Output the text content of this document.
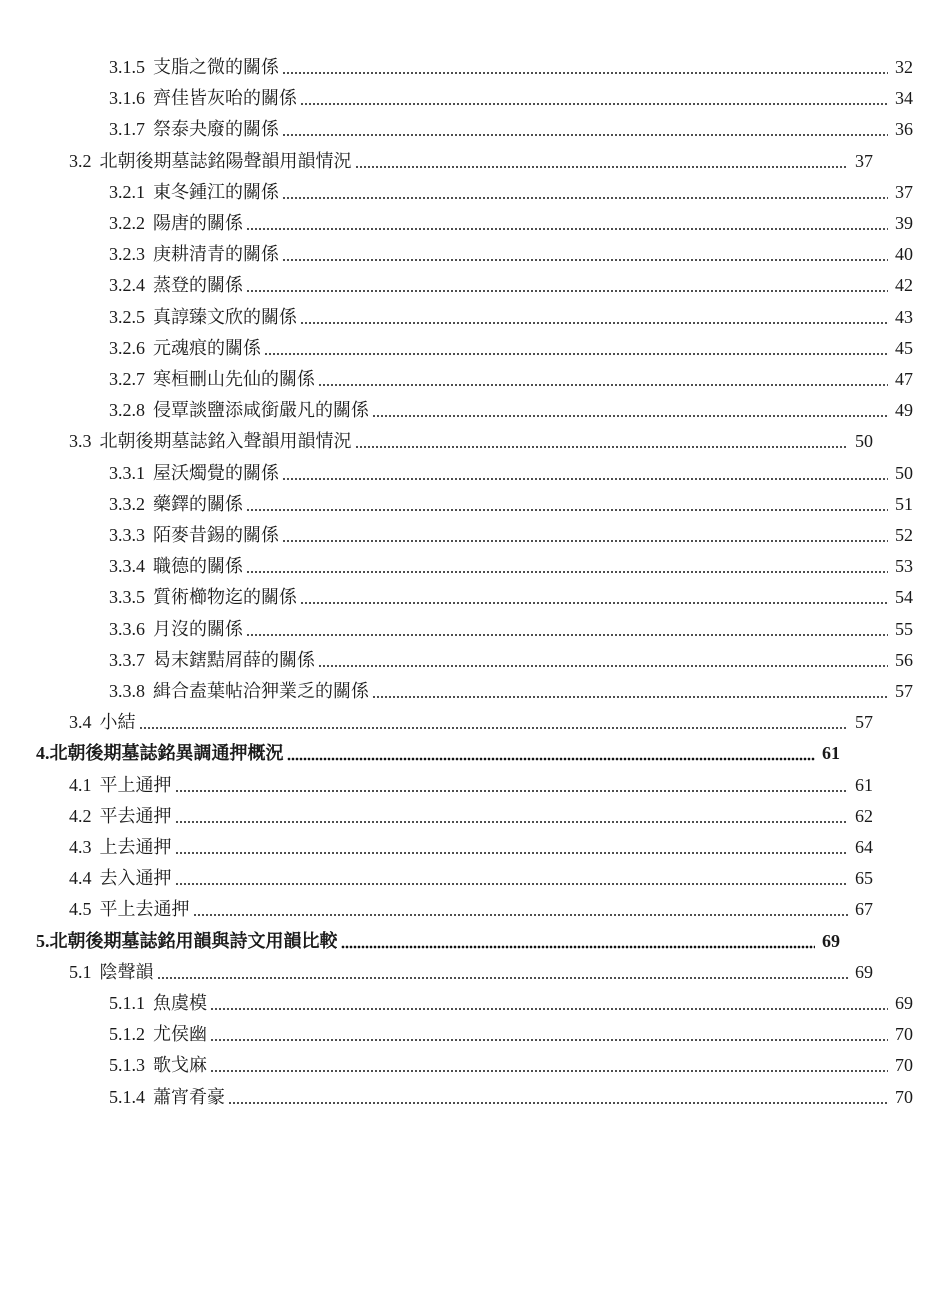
3.1.5 支脂之微的關係	32
3.1.6 齊佳皆灰咍的關係	34
3.1.7 祭泰夬廢的關係	36
3.2 北朝後期墓誌銘陽聲韻用韻情況	37
3.2.1 東冬鍾江的關係	37
3.2.2 陽唐的關係	39
3.2.3 庚耕清青的關係	40
3.2.4 蒸登的關係	42
3.2.5 真諄臻文欣的關係	43
3.2.6 元魂痕的關係	45
3.2.7 寒桓刪山先仙的關係	47
3.2.8 侵覃談鹽添咸銜嚴凡的關係	49
3.3 北朝後期墓誌銘入聲韻用韻情況	50
3.3.1 屋沃燭覺的關係	50
3.3.2 藥鐸的關係	51
3.3.3 陌麥昔錫的關係	52
3.3.4 職德的關係	53
3.3.5 質術櫛物迄的關係	54
3.3.6 月沒的關係	55
3.3.7 曷末鎋黠屑薛的關係	56
3.3.8 緝合盍葉帖洽狎業乏的關係	57
3.4 小結	57
4. 北朝後期墓誌銘異調通押概況	61
4.1 平上通押	61
4.2 平去通押	62
4.3 上去通押	64
4.4 去入通押	65
4.5 平上去通押	67
5. 北朝後期墓誌銘用韻與詩文用韻比較	69
5.1 陰聲韻	69
5.1.1 魚虞模	69
5.1.2 尤侯幽	70
5.1.3 歌戈麻	70
5.1.4 蕭宵肴豪	70
